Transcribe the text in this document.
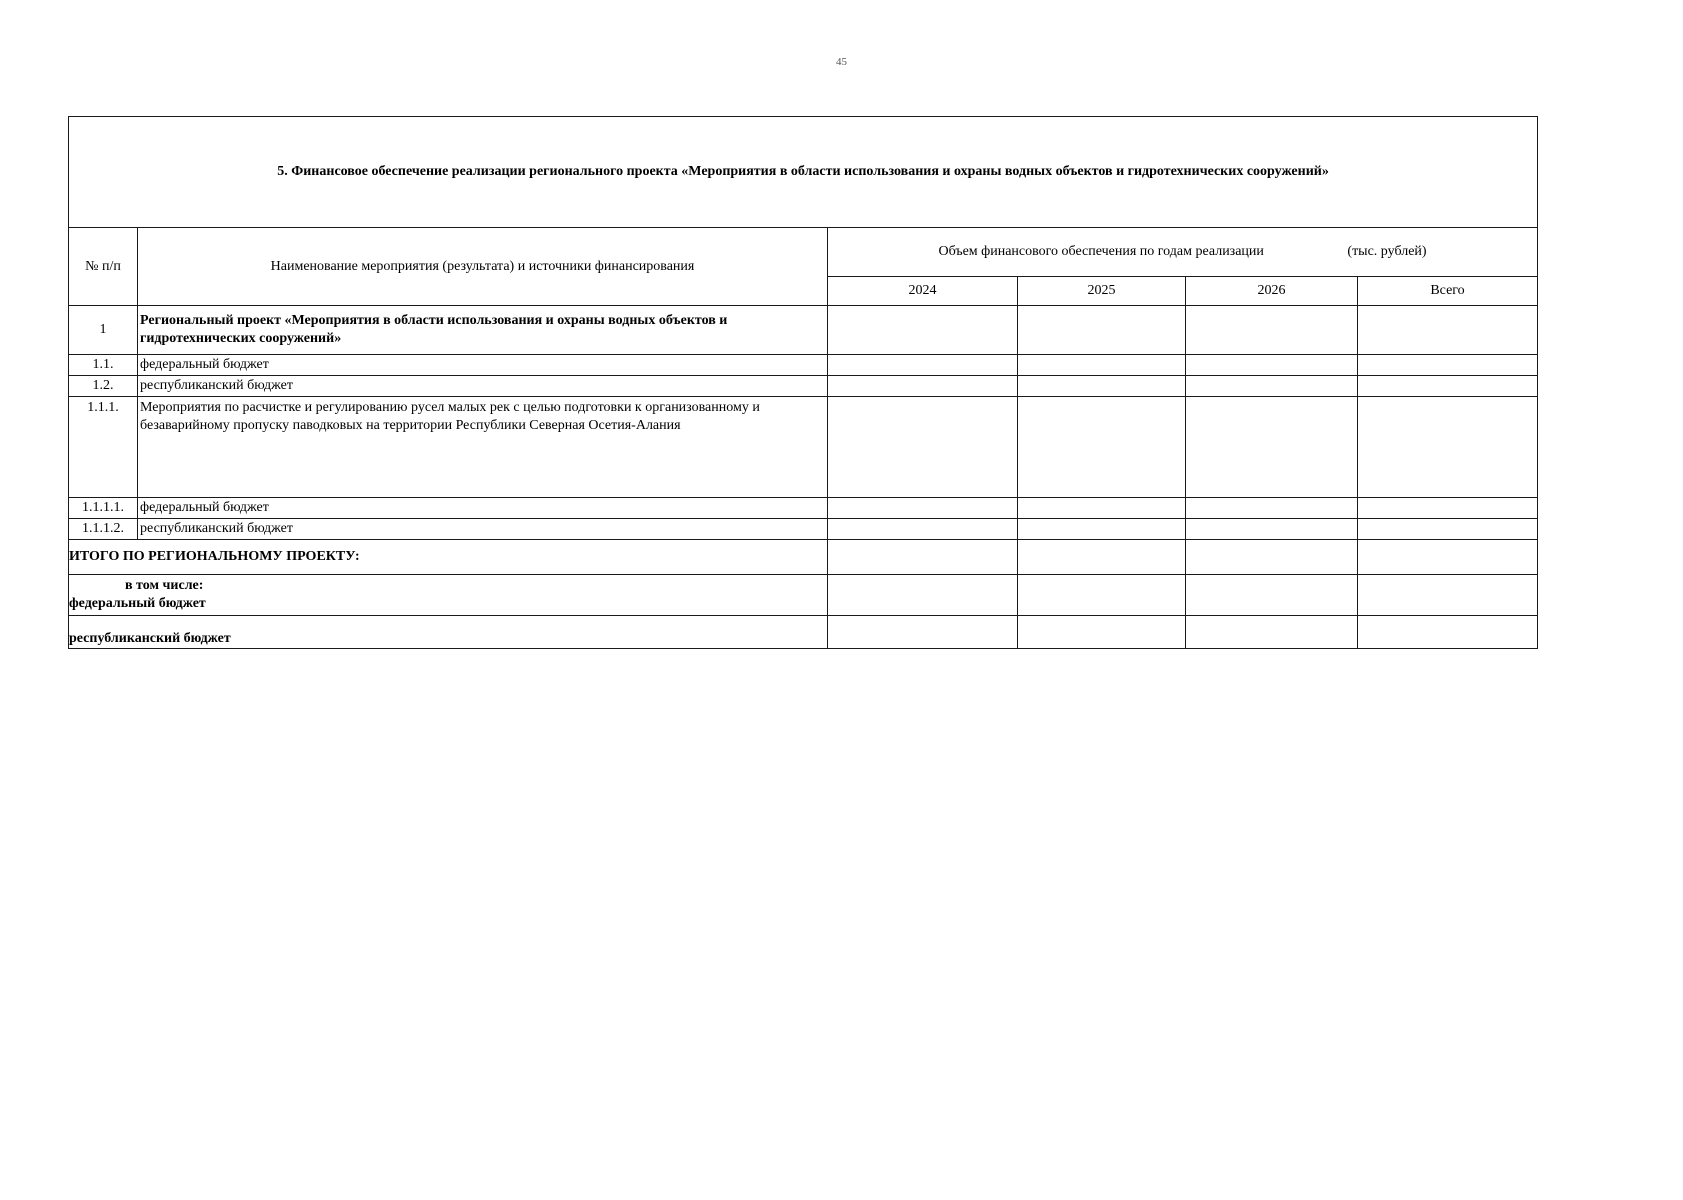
45
5. Финансовое обеспечение реализации регионального проекта «Мероприятия в области использования и охраны водных объектов и гидротехнических сооружений»					
№ п/п	Наименование мероприятия (результата) и источники финансирования	Объем финансового обеспечения по годам реализации (тыс. рублей)			
		2024	2025	2026	Всего
1	Региональный проект «Мероприятия в области использования и охраны водных объектов и гидротехнических сооружений»				
1.1.	федеральный бюджет				
1.2.	республиканский бюджет				
1.1.1.	Мероприятия по расчистке и регулированию русел малых рек с целью подготовки к организованному и безаварийному пропуску паводковых на территории Республики Северная Осетия-Алания				
1.1.1.1.	федеральный бюджет				
1.1.1.2.	республиканский бюджет				
ИТОГО ПО РЕГИОНАЛЬНОМУ ПРОЕКТУ:					

в том числе:
федеральный бюджет					

республиканский бюджет					
